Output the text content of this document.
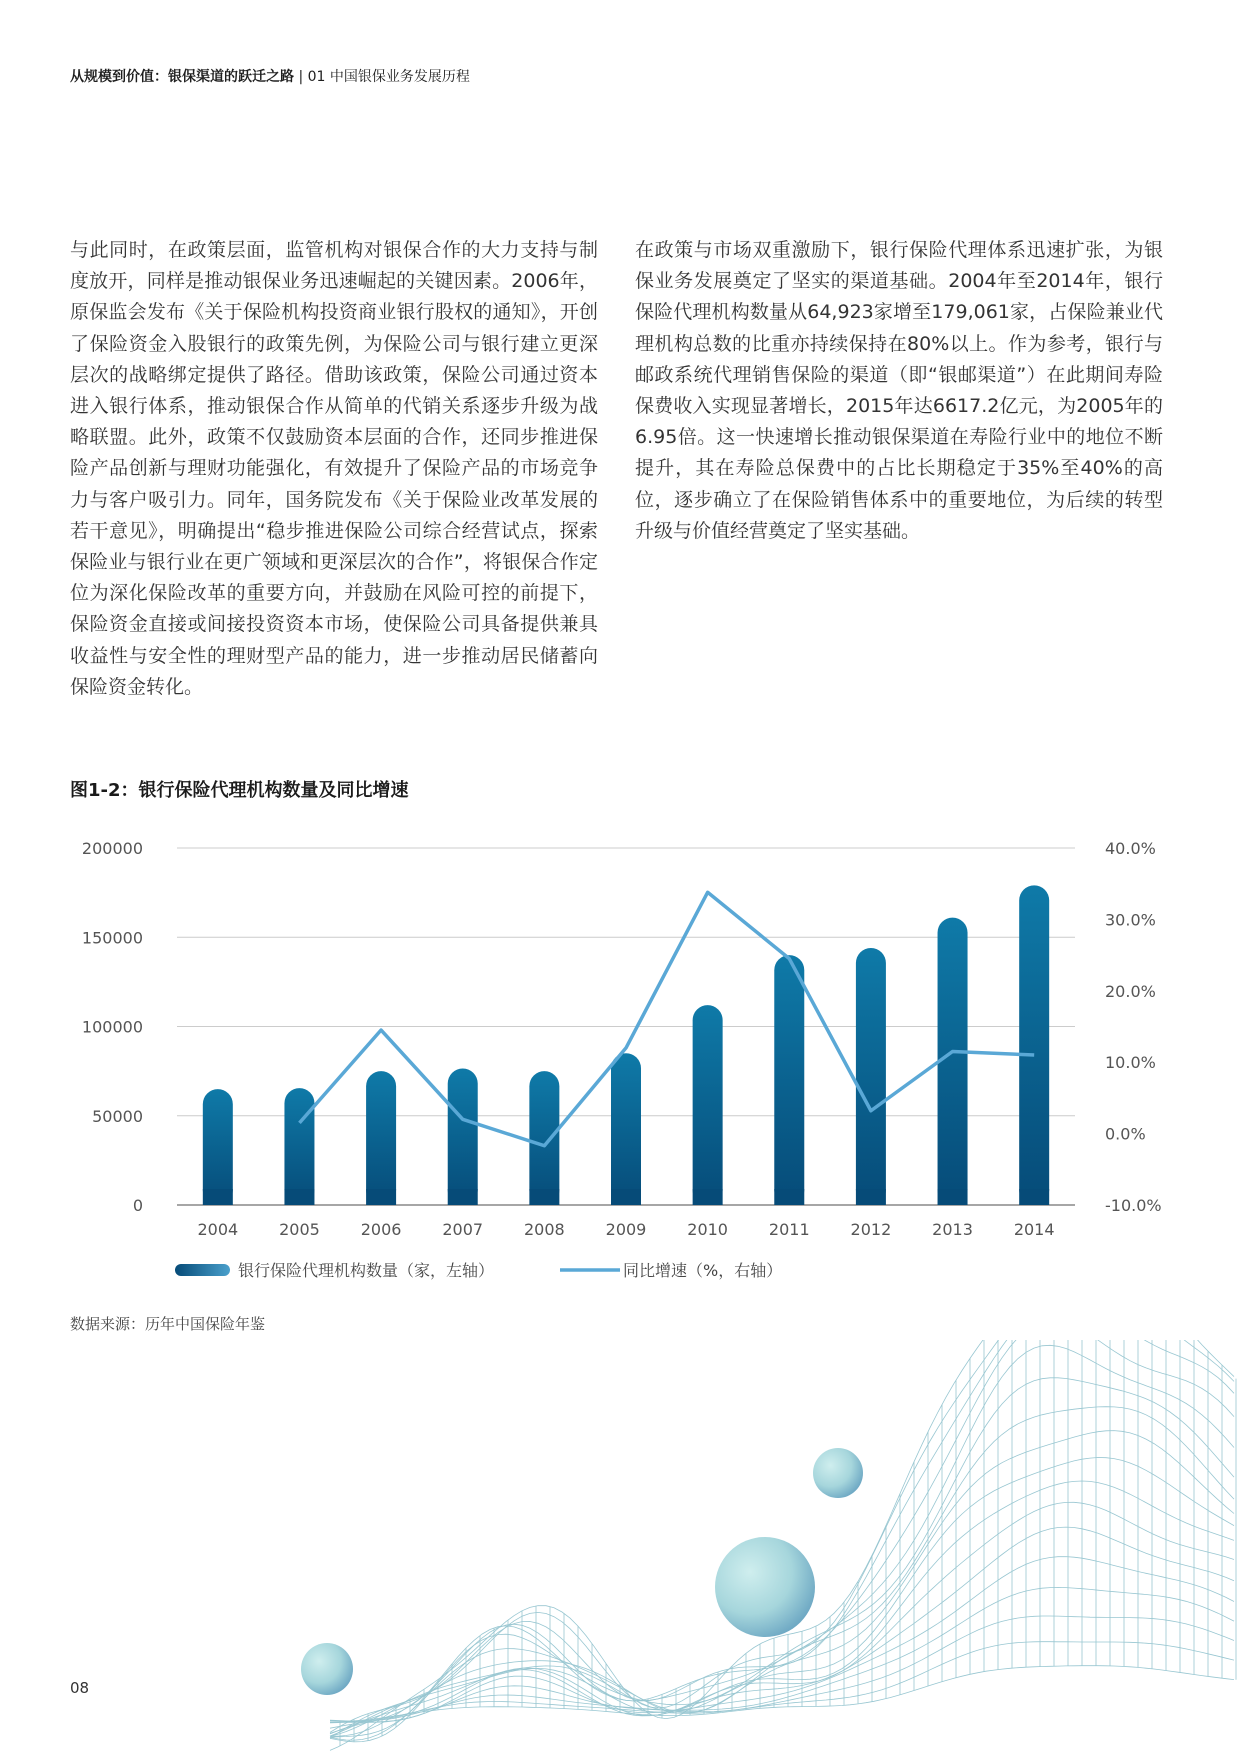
从规模到价值：银保渠道的跃迁之路 | 01 中国银保业务发展历程
与此同时，在政策层面，监管机构对银保合作的大力支持与制度放开，同样是推动银保业务迅速崛起的关键因素。2006年，原保监会发布《关于保险机构投资商业银行股权的通知》，开创了保险资金入股银行的政策先例，为保险公司与银行建立更深层次的战略绑定提供了路径。借助该政策，保险公司通过资本进入银行体系，推动银保合作从简单的代销关系逐步升级为战略联盟。此外，政策不仅鼓励资本层面的合作，还同步推进保险产品创新与理财功能强化，有效提升了保险产品的市场竞争力与客户吸引力。同年，国务院发布《关于保险业改革发展的若干意见》，明确提出“稳步推进保险公司综合经营试点，探索保险业与银行业在更广领域和更深层次的合作”，将银保合作定位为深化保险改革的重要方向，并鼓励在风险可控的前提下，保险资金直接或间接投资资本市场，使保险公司具备提供兼具收益性与安全性的理财型产品的能力，进一步推动居民储蓄向保险资金转化。
在政策与市场双重激励下，银行保险代理体系迅速扩张，为银保业务发展奠定了坚实的渠道基础。2004年至2014年，银行保险代理机构数量从64,923家增至179,061家，占保险兼业代理机构总数的比重亦持续保持在80%以上。作为参考，银行与邮政系统代理销售保险的渠道（即“银邮渠道”）在此期间寿险保费收入实现显著增长，2015年达6617.2亿元，为2005年的6.95倍。这一快速增长推动银保渠道在寿险行业中的地位不断提升，其在寿险总保费中的占比长期稳定于35%至40%的高位，逐步确立了在保险销售体系中的重要地位，为后续的转型升级与价值经营奠定了坚实基础。
图1-2：银行保险代理机构数量及同比增速
0
50000
100000
150000
200000
-10.0%
0.0%
10.0%
20.0%
30.0%
40.0%
2004	2005	2006	2007	2008	2009	2010	2011	2012	2013	2014
银行保险代理机构数量（家，左轴）	同比增速（%，右轴）
数据来源：历年中国保险年鉴
08
